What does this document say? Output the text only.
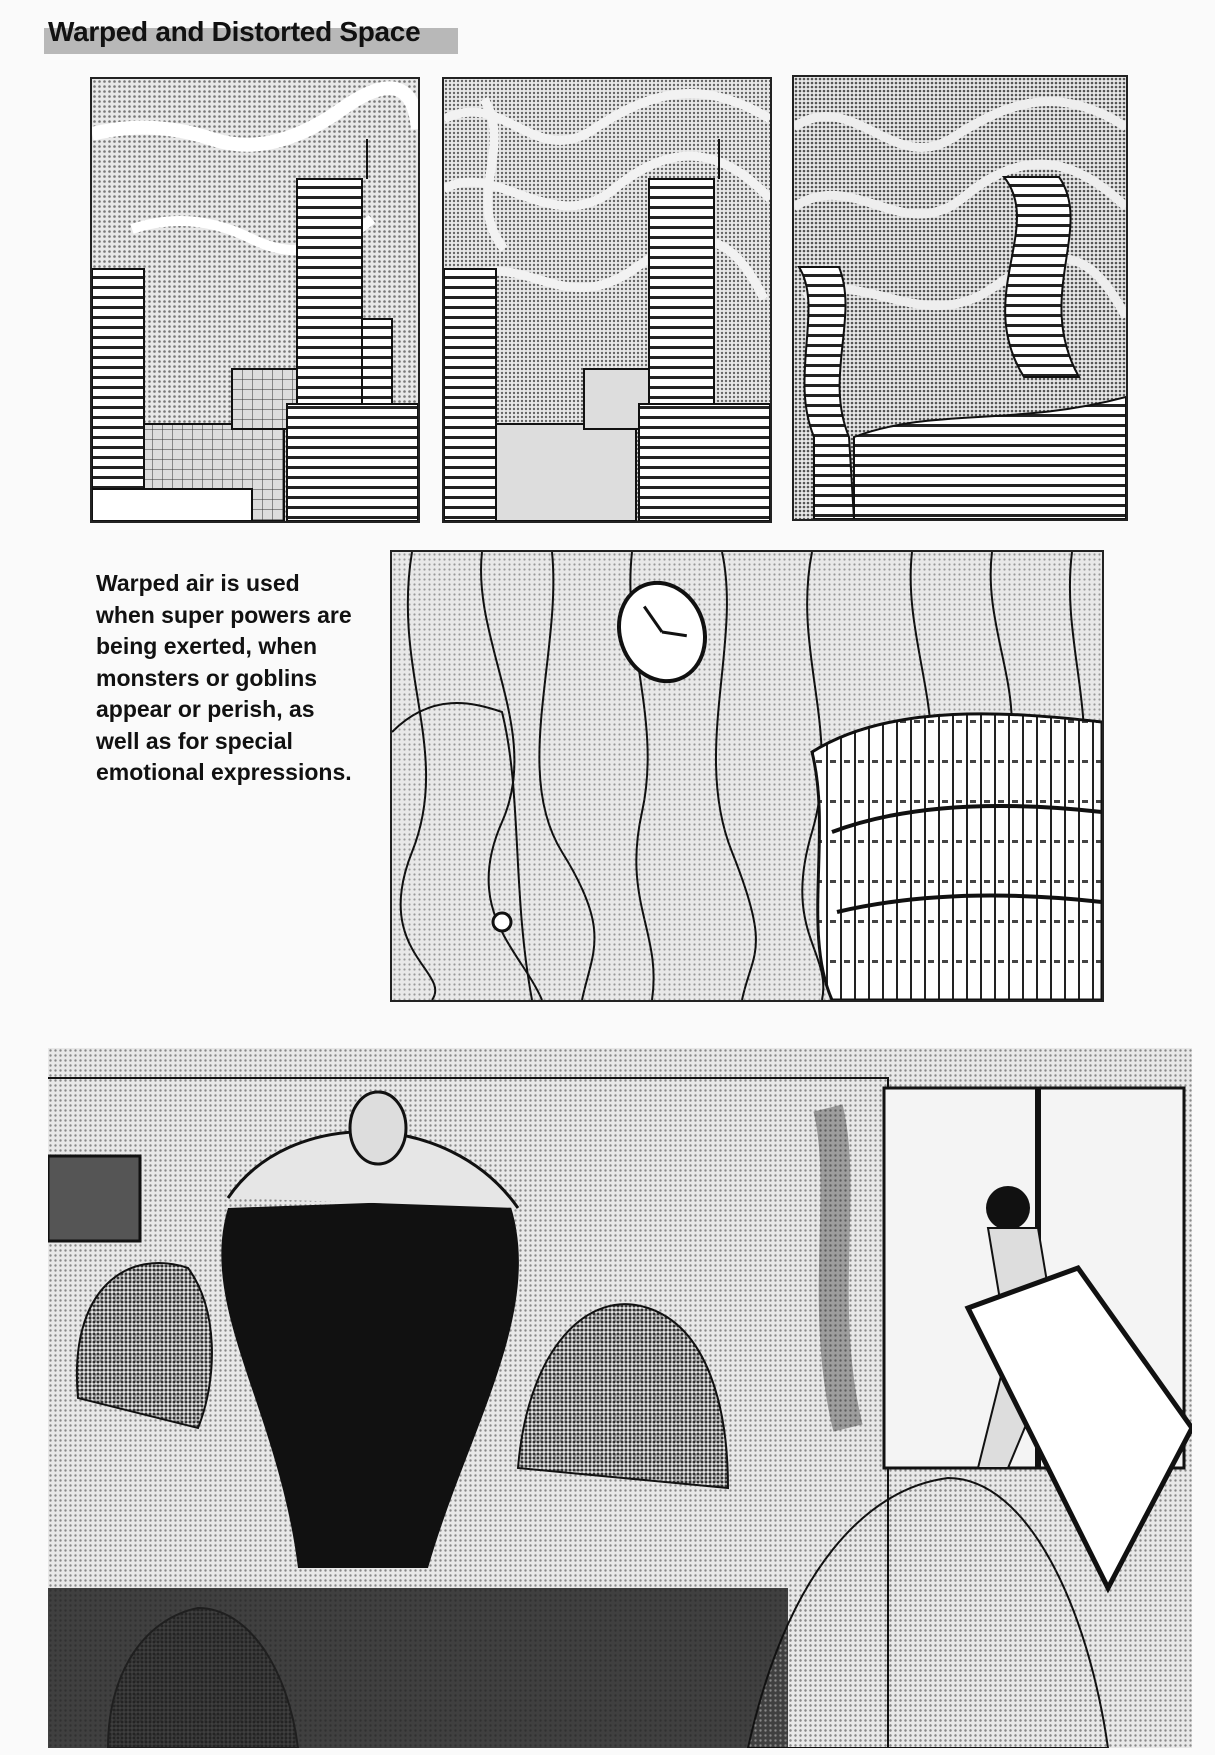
Warped and Distorted Space
Warped air is used
when super powers are
being exerted, when
monsters or goblins
appear or perish, as
well as for special
emotional expressions.
